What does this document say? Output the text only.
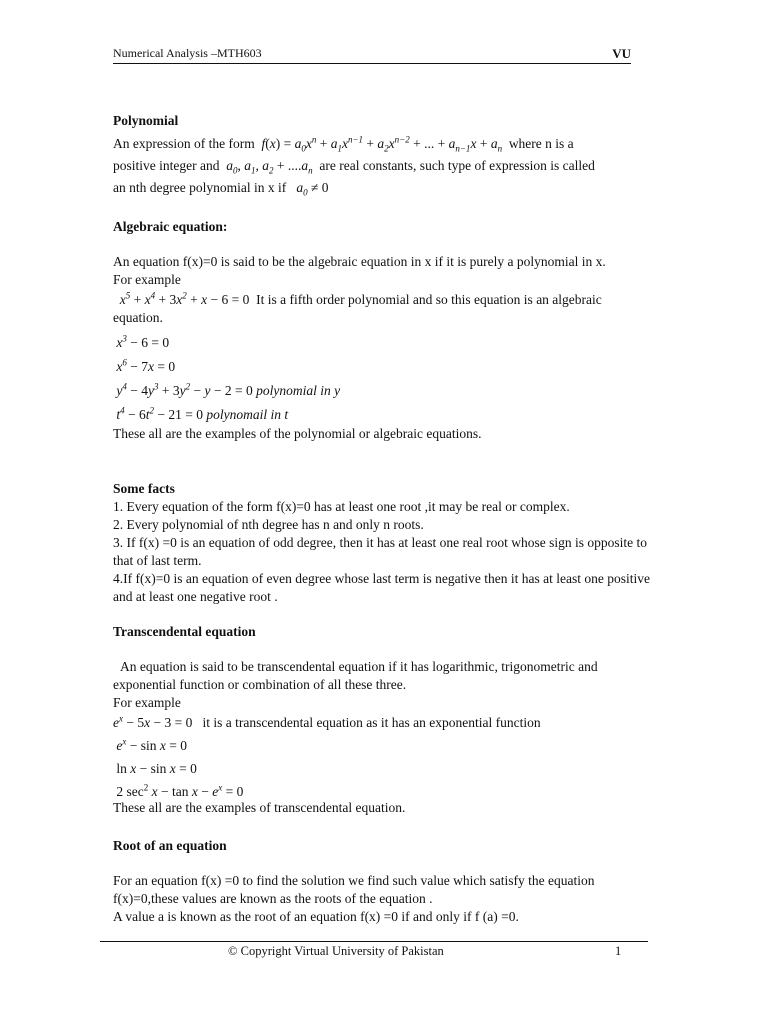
Numerical Analysis –MTH603	VU
Polynomial
An expression of the form  $f(x) = a_0x^n + a_1x^{n-1} + a_2x^{n-2}$ + ... + $a_{n-1}x + a_n$ where n is a
positive integer and  $a_0$, $a_1$, $a_2 + ....a_n$ are real constants, such type of expression is called
an nth degree polynomial in x if   $a_0 \ne 0$
Algebraic equation:
An equation f(x)=0 is said to be the algebraic equation in x if it is purely a polynomial in x.
For example
$x^5 + x^4 + 3x^2 + x - 6 = 0$  It is a fifth order polynomial and so this equation is an algebraic equation.
$x^3 - 6 = 0$
$x^6 - 7x = 0$
$y^4 - 4y^3 + 3y^2 - y - 2 = 0$ polynomial in y
$t^4 - 6t^2 - 21 = 0$ polynomail in t
These all are the examples of the polynomial or algebraic equations.
Some facts
1. Every equation of the form f(x)=0 has at least one root ,it may be real or complex.
2. Every polynomial of nth degree has n and only n roots.
3. If f(x) =0 is an equation of odd degree, then it has at least one real root whose sign is opposite to that of last term.
4.If f(x)=0 is an equation of even degree whose last term is negative then it has at least one positive and at least one negative root .
Transcendental equation
An equation is said to be transcendental equation if it has logarithmic, trigonometric and exponential function or combination of all these three.
For example
$e^x - 5x - 3 = 0$   it is a transcendental equation as it has an exponential function
$e^x - \sin x = 0$
ln x − sin x = 0
2 $\sec^2 x - \tan x - e^x = 0$
These all are the examples of transcendental equation.
Root of an equation
For an equation f(x) =0 to find the solution we find such value which satisfy the equation f(x)=0,these values are known as the roots of the equation .
A value a is known as the root of an equation f(x) =0 if and only if f (a) =0.
© Copyright Virtual University of Pakistan	1
